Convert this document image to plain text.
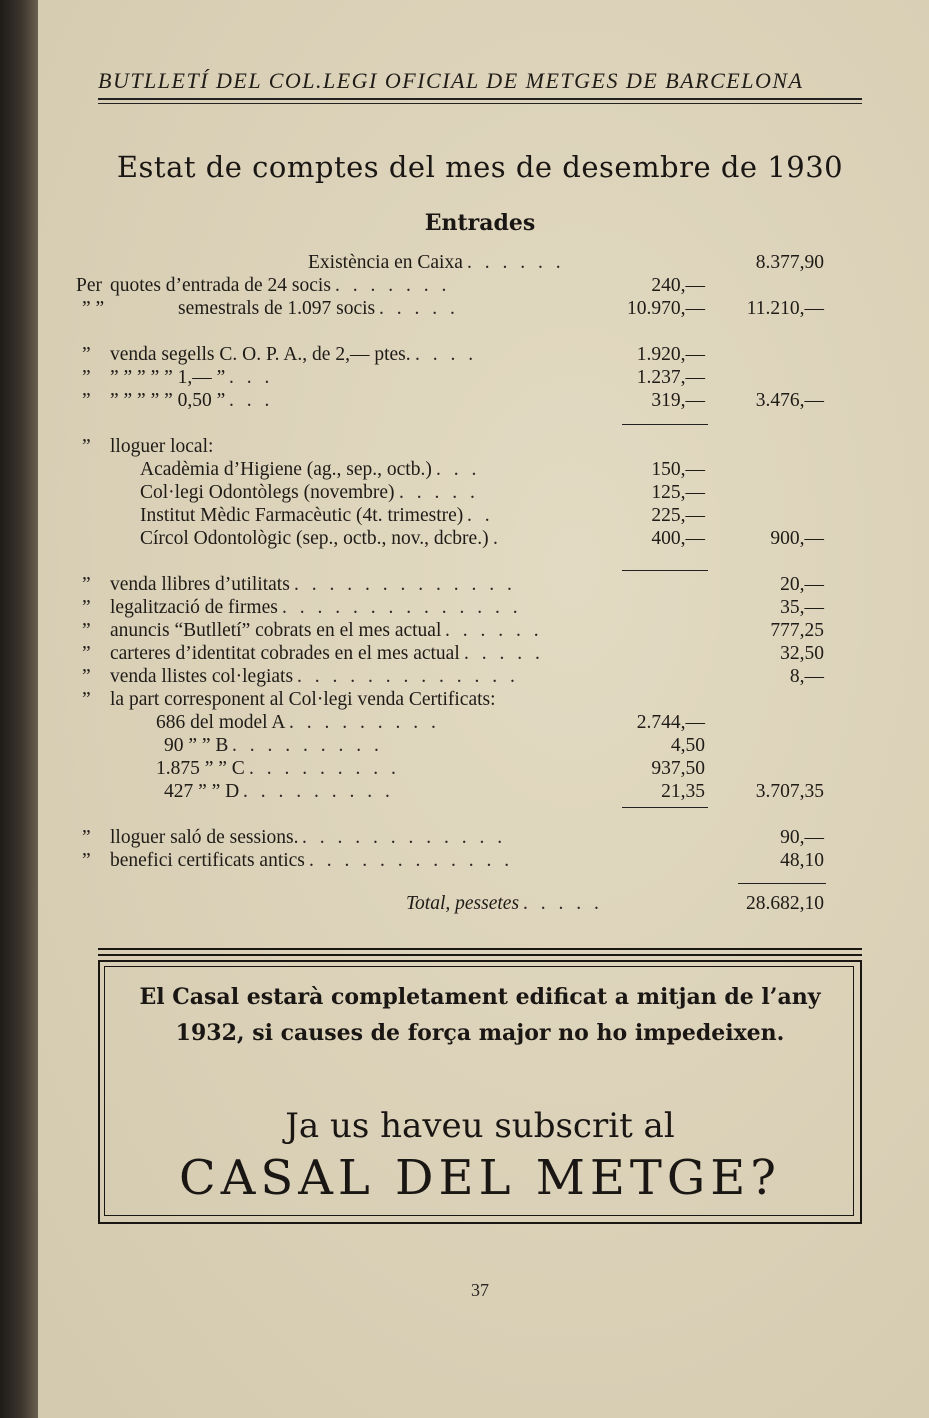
BUTLLETÍ DEL COL.LEGI OFICIAL DE METGES DE BARCELONA
Estat de comptes del mes de desembre de 1930
Entrades
Existència en Caixa . . . . . .	8.377,90
Per quotes d’entrada de 24 socis . . . . . . .	240,—
” ”	semestrals de 1.097 socis . . . . .	10.970,— 11.210,—
” venda segells C. O. P. A., de 2,— ptes. . . . .	1.920,—
” ” ” ” ” ” 1,— ” . . .	1.237,—
” ” ” ” ” ” 0,50 ” . . .	319,—	3.476,—
” lloguer local:
Acadèmia d’Higiene (ag., sep., octb.) . . .	150,—
Col·legi Odontòlegs (novembre) . . . . .	125,—
Institut Mèdic Farmacèutic (4t. trimestre) . .	225,—
Círcol Odontològic (sep., octb., nov., dcbre.) .	400,—	900,—
” venda llibres d’utilitats . . . . . . . . . . . . .	20,—
” legalització de firmes . . . . . . . . . . . . . .	35,—
” anuncis “Butlletí” cobrats en el mes actual . . . . . .	777,25
” carteres d’identitat cobrades en el mes actual . . . . .	32,50
” venda llistes col·legiats . . . . . . . . . . . . .	8,—
” la part corresponent al Col·legi venda Certificats:
686 del model A . . . . . . . . .	2.744,—
90 ” ” B . . . . . . . . .	4,50
1.875 ” ” C . . . . . . . . .	937,50
427 ” ” D . . . . . . . . .	21,35	3.707,35
” lloguer saló de sessions. . . . . . . . . . . . .	90,—
” benefici certificats antics . . . . . . . . . . . .	48,10
Total, pessetes . . . . .	28.682,10
El Casal estarà completament edificat a mitjan de l’any
1932, si causes de força major no ho impedeixen.
Ja us haveu subscrit al
CASAL DEL METGE?
37
